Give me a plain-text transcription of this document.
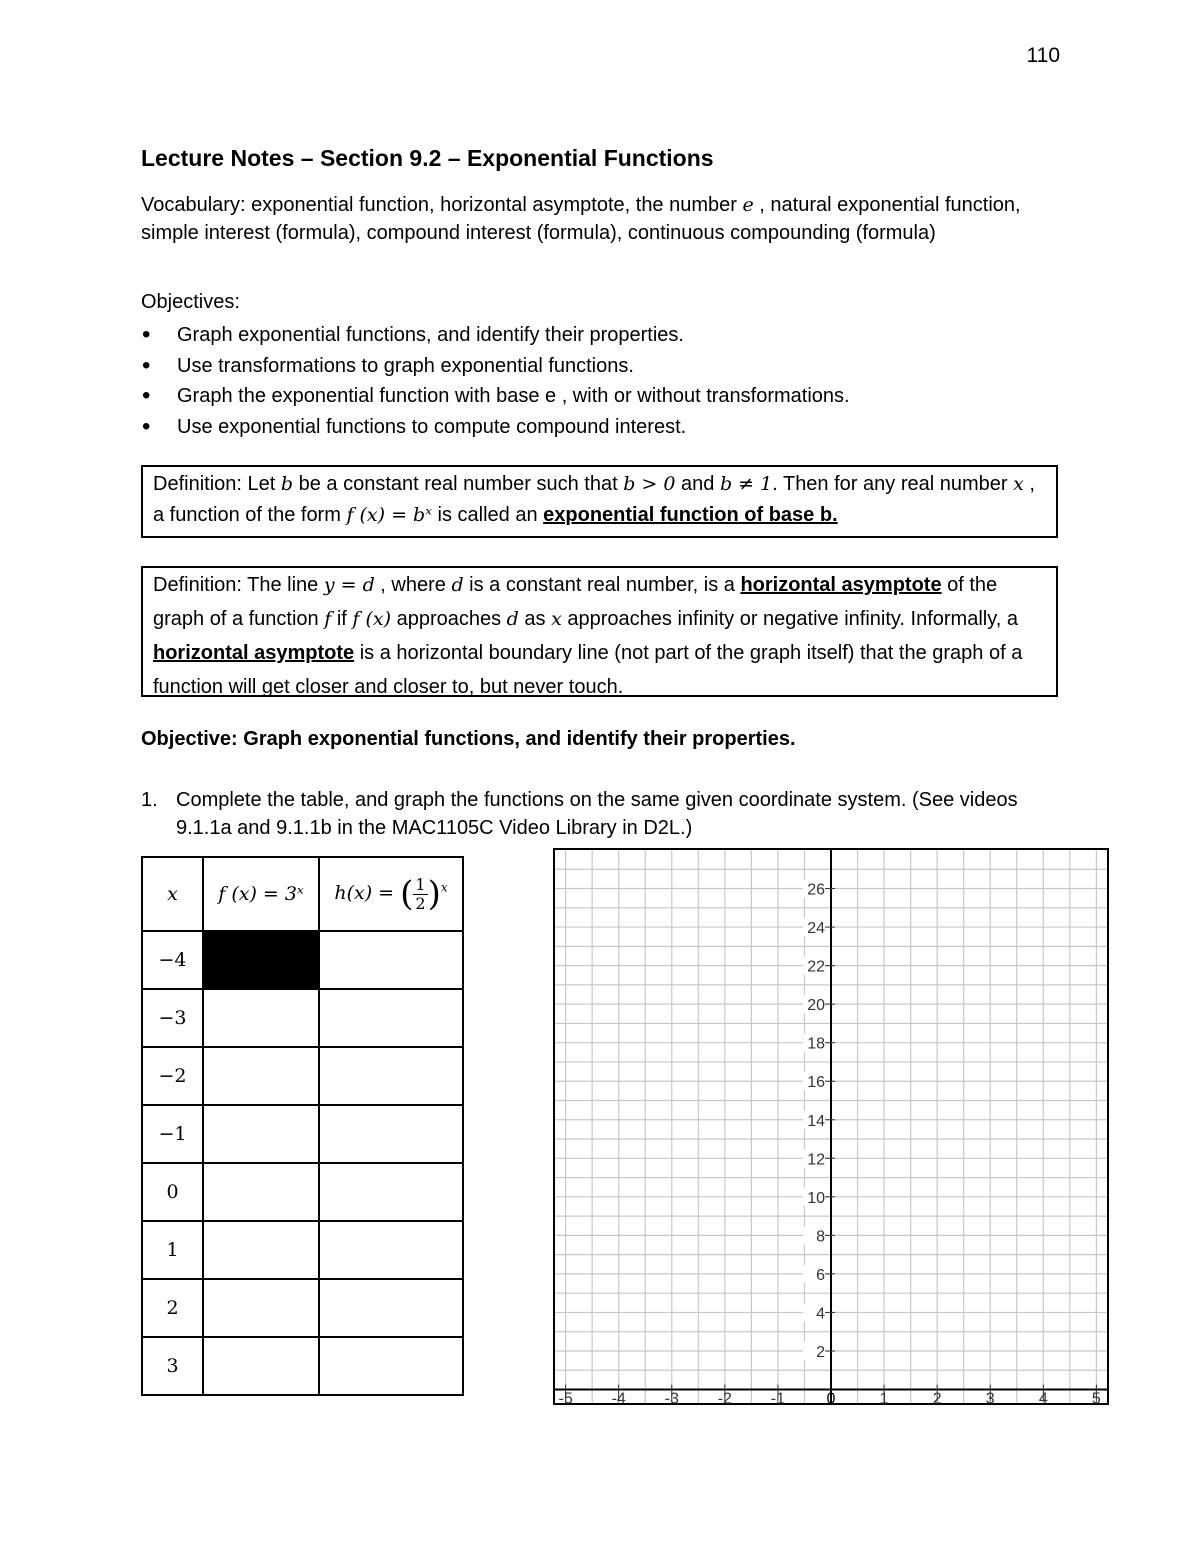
110
Lecture Notes – Section 9.2 – Exponential Functions
Vocabulary: exponential function, horizontal asymptote, the number e , natural exponential function, simple interest (formula), compound interest (formula), continuous compounding (formula)
Objectives:
• Graph exponential functions, and identify their properties.
• Use transformations to graph exponential functions.
• Graph the exponential function with base e , with or without transformations.
• Use exponential functions to compute compound interest.
Definition: Let b be a constant real number such that b > 0 and b ≠ 1. Then for any real number x , a function of the form f (x) = bˣ is called an exponential function of base b.
Definition: The line y = d , where d is a constant real number, is a horizontal asymptote of the graph of a function f if f (x) approaches d as x approaches infinity or negative infinity. Informally, a horizontal asymptote is a horizontal boundary line (not part of the graph itself) that the graph of a function will get closer and closer to, but never touch.
Objective: Graph exponential functions, and identify their properties.
1. Complete the table, and graph the functions on the same given coordinate system. (See videos 9.1.1a and 9.1.1b in the MAC1105C Video Library in D2L.)
x	f (x) = 3ˣ	h(x) = ( $\frac{1}{2} )^x$
−4		
−3		
−2		
−1		
0		
1		
2		
3		
-5 -4 -3 -2 -1	0	1	2	3	4	5
2
4
6
8
10
12
14
16
18
20
22
24
26
